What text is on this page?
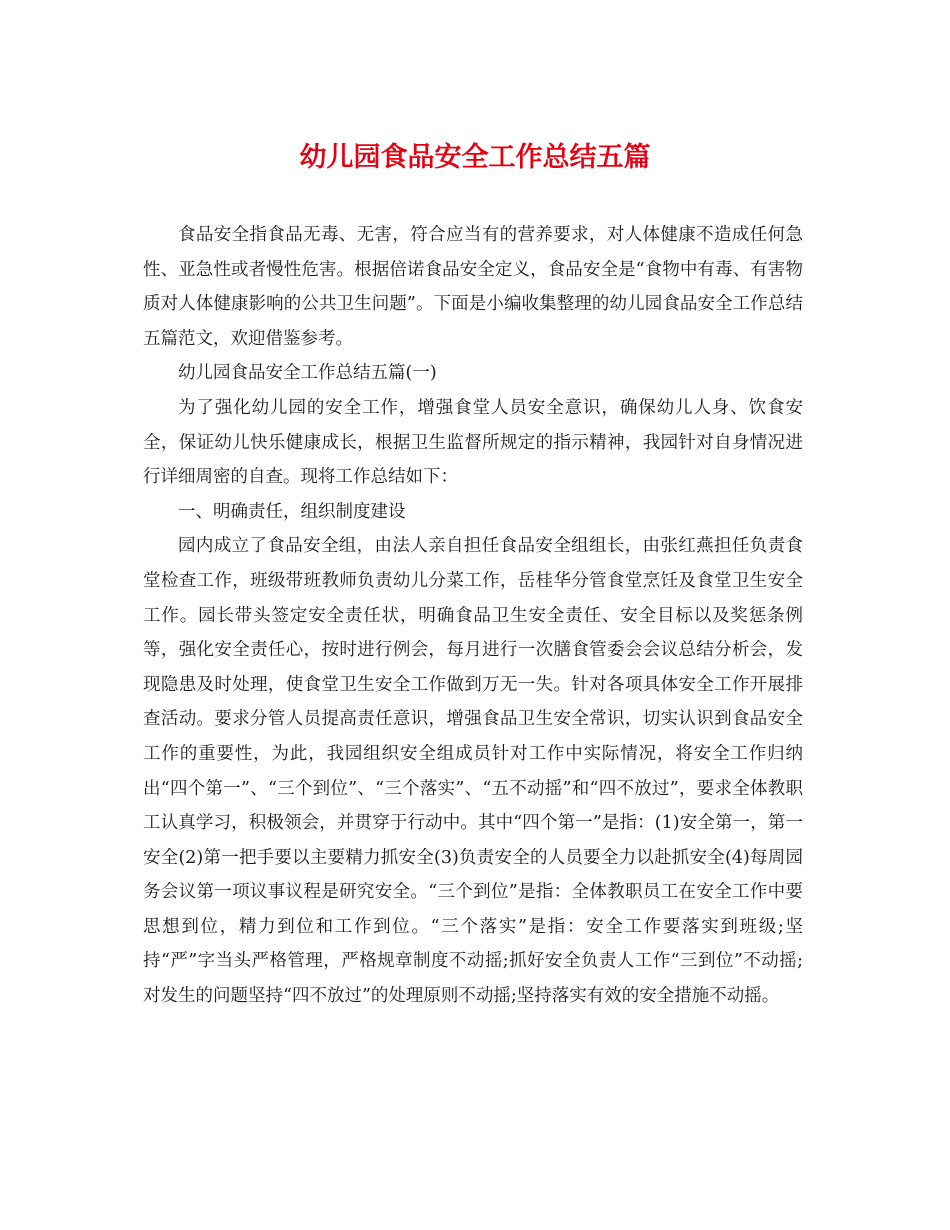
幼儿园食品安全工作总结五篇

食品安全指食品无毒、无害，符合应当有的营养要求，对人体健康不造成任何急性、亚急性或者慢性危害。根据倍诺食品安全定义，食品安全是“食物中有毒、有害物质对人体健康影响的公共卫生问题”。下面是小编收集整理的幼儿园食品安全工作总结五篇范文，欢迎借鉴参考。

幼儿园食品安全工作总结五篇(一)

为了强化幼儿园的安全工作，增强食堂人员安全意识，确保幼儿人身、饮食安全，保证幼儿快乐健康成长，根据卫生监督所规定的指示精神，我园针对自身情况进行详细周密的自查。现将工作总结如下：

一、明确责任，组织制度建设

园内成立了食品安全组，由法人亲自担任食品安全组组长，由张红燕担任负责食堂检查工作，班级带班教师负责幼儿分菜工作，岳桂华分管食堂烹饪及食堂卫生安全工作。园长带头签定安全责任状，明确食品卫生安全责任、安全目标以及奖惩条例等，强化安全责任心，按时进行例会，每月进行一次膳食管委会会议总结分析会，发现隐患及时处理，使食堂卫生安全工作做到万无一失。针对各项具体安全工作开展排查活动。要求分管人员提高责任意识，增强食品卫生安全常识，切实认识到食品安全工作的重要性，为此，我园组织安全组成员针对工作中实际情况，将安全工作归纳出“四个第一”、“三个到位”、“三个落实”、“五不动摇”和“四不放过”，要求全体教职工认真学习，积极领会，并贯穿于行动中。其中“四个第一”是指：(1)安全第一，第一安全(2)第一把手要以主要精力抓安全(3)负责安全的人员要全力以赴抓安全(4)每周园务会议第一项议事议程是研究安全。“三个到位”是指：全体教职员工在安全工作中要思想到位，精力到位和工作到位。“三个落实”是指：安全工作要落实到班级;坚持“严”字当头严格管理，严格规章制度不动摇;抓好安全负责人工作“三到位”不动摇;对发生的问题坚持“四不放过”的处理原则不动摇;坚持落实有效的安全措施不动摇。
